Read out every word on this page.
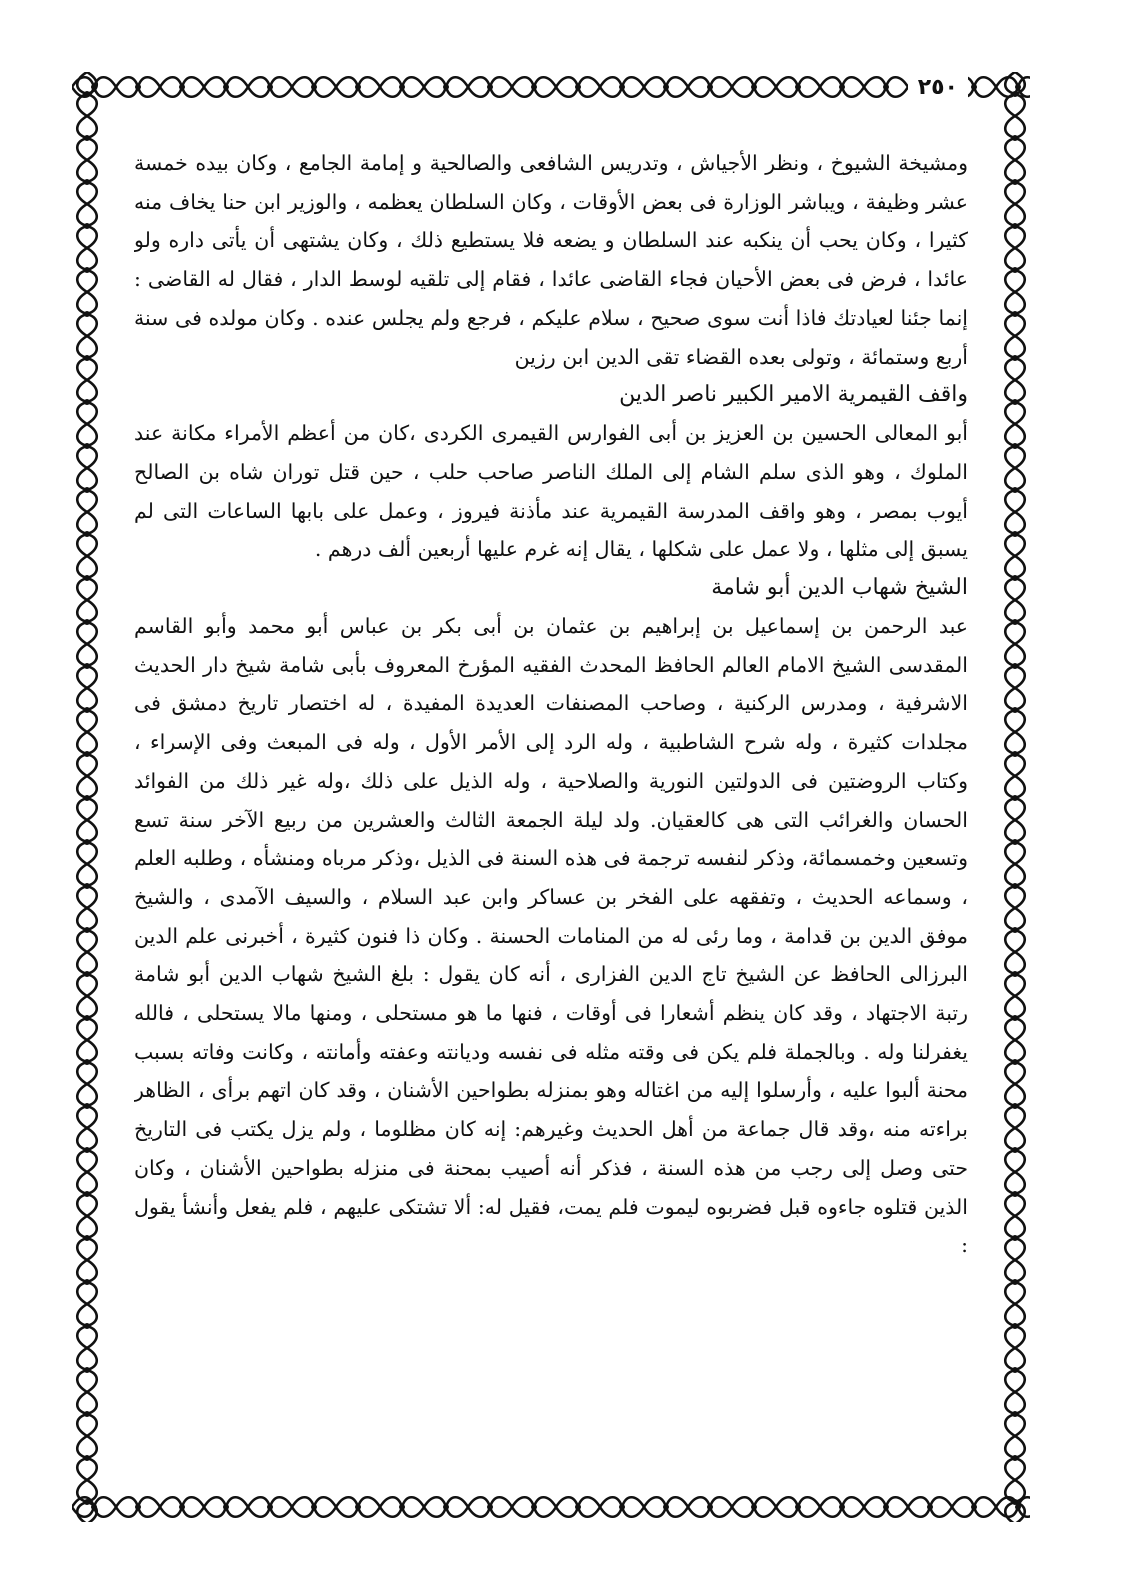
٢٥٠

ومشيخة الشيوخ ، ونظر الأجياش ، وتدريس الشافعى والصالحية و إمامة الجامع ، وكان بيده خمسة عشر وظيفة ، ويباشر الوزارة فى بعض الأوقات ، وكان السلطان يعظمه ، والوزير ابن حنا يخاف منه كثيرا ، وكان يحب أن ينكبه عند السلطان و يضعه فلا يستطيع ذلك ، وكان يشتهى أن يأتى داره ولو عائدا ، فرض فى بعض الأحيان فجاء القاضى عائدا ، فقام إلى تلقيه لوسط الدار ، فقال له القاضى : إنما جئنا لعيادتك فاذا أنت سوى صحيح ، سلام عليكم ، فرجع ولم يجلس عنده . وكان مولده فى سنة أربع وستمائة ، وتولى بعده القضاء تقى الدين ابن رزين

واقف القيمرية الامير الكبير ناصر الدين

أبو المعالى الحسين بن العزيز بن أبى الفوارس القيمرى الكردى ،كان من أعظم الأمراء مكانة عند الملوك ، وهو الذى سلم الشام إلى الملك الناصر صاحب حلب ، حين قتل توران شاه بن الصالح أيوب بمصر ، وهو واقف المدرسة القيمرية عند مأذنة فيروز ، وعمل على بابها الساعات التى لم يسبق إلى مثلها ، ولا عمل على شكلها ، يقال إنه غرم عليها أربعين ألف درهم .

الشيخ شهاب الدين أبو شامة

عبد الرحمن بن إسماعيل بن إبراهيم بن عثمان بن أبى بكر بن عباس أبو محمد وأبو القاسم المقدسى الشيخ الامام العالم الحافظ المحدث الفقيه المؤرخ المعروف بأبى شامة شيخ دار الحديث الاشرفية ، ومدرس الركنية ، وصاحب المصنفات العديدة المفيدة ، له اختصار تاريخ دمشق فى مجلدات كثيرة ، وله شرح الشاطبية ، وله الرد إلى الأمر الأول ، وله فى المبعث وفى الإسراء ، وكتاب الروضتين فى الدولتين النورية والصلاحية ، وله الذيل على ذلك ،وله غير ذلك من الفوائد الحسان والغرائب التى هى كالعقيان. ولد ليلة الجمعة الثالث والعشرين من ربيع الآخر سنة تسع وتسعين وخمسمائة، وذكر لنفسه ترجمة فى هذه السنة فى الذيل ،وذكر مرباه ومنشأه ، وطلبه العلم ، وسماعه الحديث ، وتفقهه على الفخر بن عساكر وابن عبد السلام ، والسيف الآمدى ، والشيخ موفق الدين بن قدامة ، وما رئى له من المنامات الحسنة . وكان ذا فنون كثيرة ، أخبرنى علم الدين البرزالى الحافظ عن الشيخ تاج الدين الفزارى ، أنه كان يقول : بلغ الشيخ شهاب الدين أبو شامة رتبة الاجتهاد ، وقد كان ينظم أشعارا فى أوقات ، فنها ما هو مستحلى ، ومنها مالا يستحلى ، فالله يغفرلنا وله . وبالجملة فلم يكن فى وقته مثله فى نفسه وديانته وعفته وأمانته ، وكانت وفاته بسبب محنة ألبوا عليه ، وأرسلوا إليه من اغتاله وهو بمنزله بطواحين الأشنان ، وقد كان اتهم برأى ، الظاهر براءته منه ،وقد قال جماعة من أهل الحديث وغيرهم: إنه كان مظلوما ، ولم يزل يكتب فى التاريخ حتى وصل إلى رجب من هذه السنة ، فذكر أنه أصيب بمحنة فى منزله بطواحين الأشنان ، وكان الذين قتلوه جاءوه قبل فضربوه ليموت فلم يمت، فقيل له: ألا تشتكى عليهم ، فلم يفعل وأنشأ يقول :
